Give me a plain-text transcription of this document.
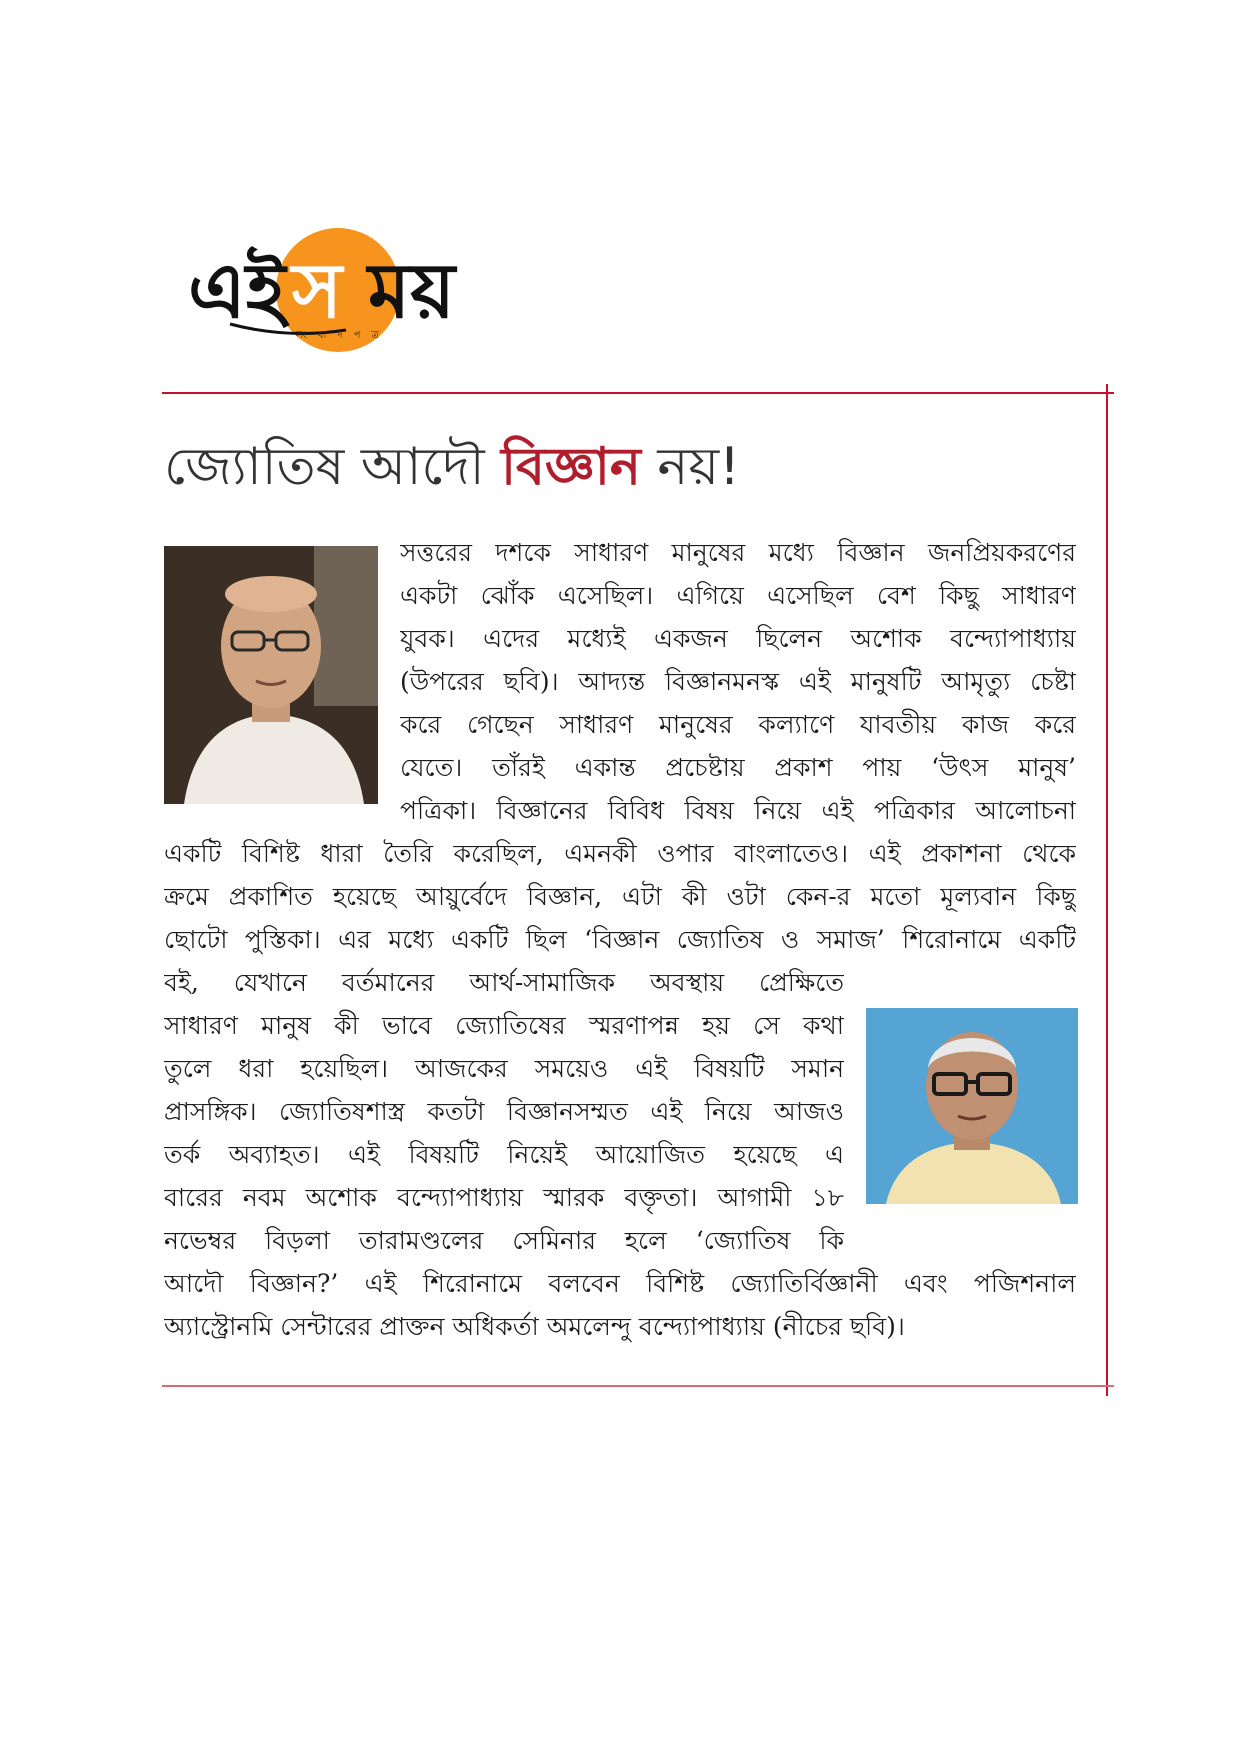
এই স ময়
সংবাদপত্র
জ্যোতিষ আদৌ বিজ্ঞান নয়!
সত্তরের দশকে সাধারণ মানুষের মধ্যে বিজ্ঞান জনপ্রিয়করণের
একটা ঝোঁক এসেছিল। এগিয়ে এসেছিল বেশ কিছু সাধারণ
যুবক। এদের মধ্যেই একজন ছিলেন অশোক বন্দ্যোপাধ্যায়
(উপরের ছবি)। আদ্যন্ত বিজ্ঞানমনস্ক এই মানুষটি আমৃত্যু চেষ্টা
করে গেছেন সাধারণ মানুষের কল্যাণে যাবতীয় কাজ করে
যেতে। তাঁরই একান্ত প্রচেষ্টায় প্রকাশ পায় ‘উৎস মানুষ’
পত্রিকা। বিজ্ঞানের বিবিধ বিষয় নিয়ে এই পত্রিকার আলোচনা
একটি বিশিষ্ট ধারা তৈরি করেছিল, এমনকী ওপার বাংলাতেও। এই প্রকাশনা থেকে
ক্রমে প্রকাশিত হয়েছে আয়ুর্বেদে বিজ্ঞান, এটা কী ওটা কেন-র মতো মূল্যবান কিছু
ছোটো পুস্তিকা। এর মধ্যে একটি ছিল ‘বিজ্ঞান জ্যোতিষ ও সমাজ’ শিরোনামে একটি
বই, যেখানে বর্তমানের আর্থ-সামাজিক অবস্থায় প্রেক্ষিতে
সাধারণ মানুষ কী ভাবে জ্যোতিষের স্মরণাপন্ন হয় সে কথা
তুলে ধরা হয়েছিল। আজকের সময়েও এই বিষয়টি সমান
প্রাসঙ্গিক। জ্যোতিষশাস্ত্র কতটা বিজ্ঞানসম্মত এই নিয়ে আজও
তর্ক অব্যাহত। এই বিষয়টি নিয়েই আয়োজিত হয়েছে এ
বারের নবম অশোক বন্দ্যোপাধ্যায় স্মারক বক্তৃতা। আগামী ১৮
নভেম্বর বিড়লা তারামণ্ডলের সেমিনার হলে ‘জ্যোতিষ কি
আদৌ বিজ্ঞান?’ এই শিরোনামে বলবেন বিশিষ্ট জ্যোতির্বিজ্ঞানী এবং পজিশনাল
অ্যাস্ট্রোনমি সেন্টারের প্রাক্তন অধিকর্তা অমলেন্দু বন্দ্যোপাধ্যায় (নীচের ছবি)।
